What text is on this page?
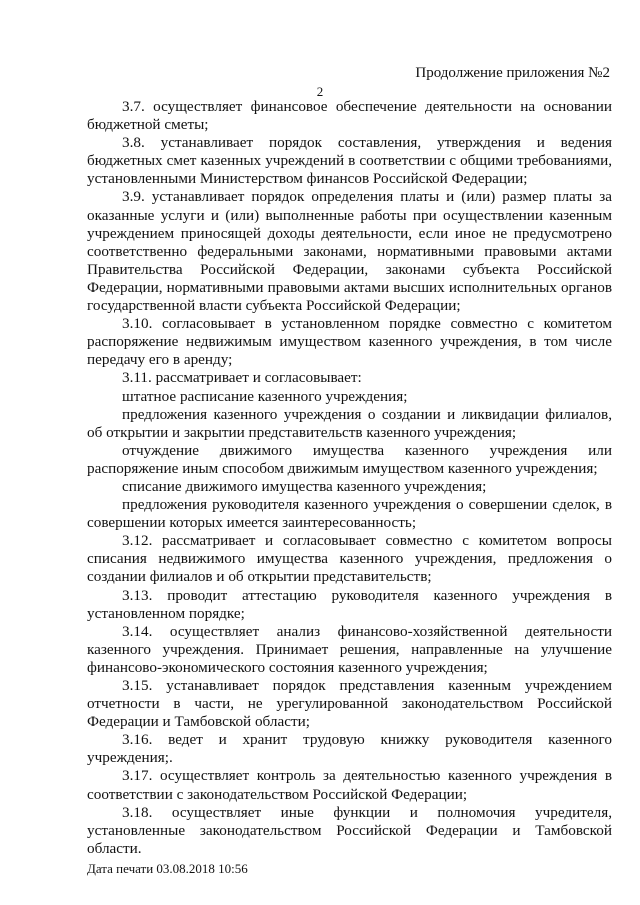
Продолжение приложения №2
2

3.7. осуществляет финансовое обеспечение деятельности на основании бюджетной сметы;

3.8. устанавливает порядок составления, утверждения и ведения бюджетных смет казенных учреждений в соответствии с общими требованиями, установленными Министерством финансов Российской Федерации;

3.9. устанавливает порядок определения платы и (или) размер платы за оказанные услуги и (или) выполненные работы при осуществлении казенным учреждением приносящей доходы деятельности, если иное не предусмотрено соответственно федеральными законами, нормативными правовыми актами Правительства Российской Федерации, законами субъекта Российской Федерации, нормативными правовыми актами высших исполнительных органов государственной власти субъекта Российской Федерации;

3.10. согласовывает в установленном порядке совместно с комитетом распоряжение недвижимым имуществом казенного учреждения, в том числе передачу его в аренду;

3.11. рассматривает и согласовывает:

штатное расписание казенного учреждения;

предложения казенного учреждения о создании и ликвидации филиалов, об открытии и закрытии представительств казенного учреждения;

отчуждение движимого имущества казенного учреждения или распоряжение иным способом движимым имуществом казенного учреждения;

списание движимого имущества казенного учреждения;

предложения руководителя казенного учреждения о совершении сделок, в совершении которых имеется заинтересованность;

3.12. рассматривает и согласовывает совместно с комитетом вопросы списания недвижимого имущества казенного учреждения, предложения о создании филиалов и об открытии представительств;

3.13. проводит аттестацию руководителя казенного учреждения в установленном порядке;

3.14. осуществляет анализ финансово-хозяйственной деятельности казенного учреждения. Принимает решения, направленные на улучшение финансово-экономического состояния казенного учреждения;

3.15. устанавливает порядок представления казенным учреждением отчетности в части, не урегулированной законодательством Российской Федерации и Тамбовской области;

3.16. ведет и хранит трудовую книжку руководителя казенного учреждения;.

3.17. осуществляет контроль за деятельностью казенного учреждения в соответствии с законодательством Российской Федерации;

3.18. осуществляет иные функции и полномочия учредителя, установленные законодательством Российской Федерации и Тамбовской области.

Дата печати 03.08.2018 10:56
